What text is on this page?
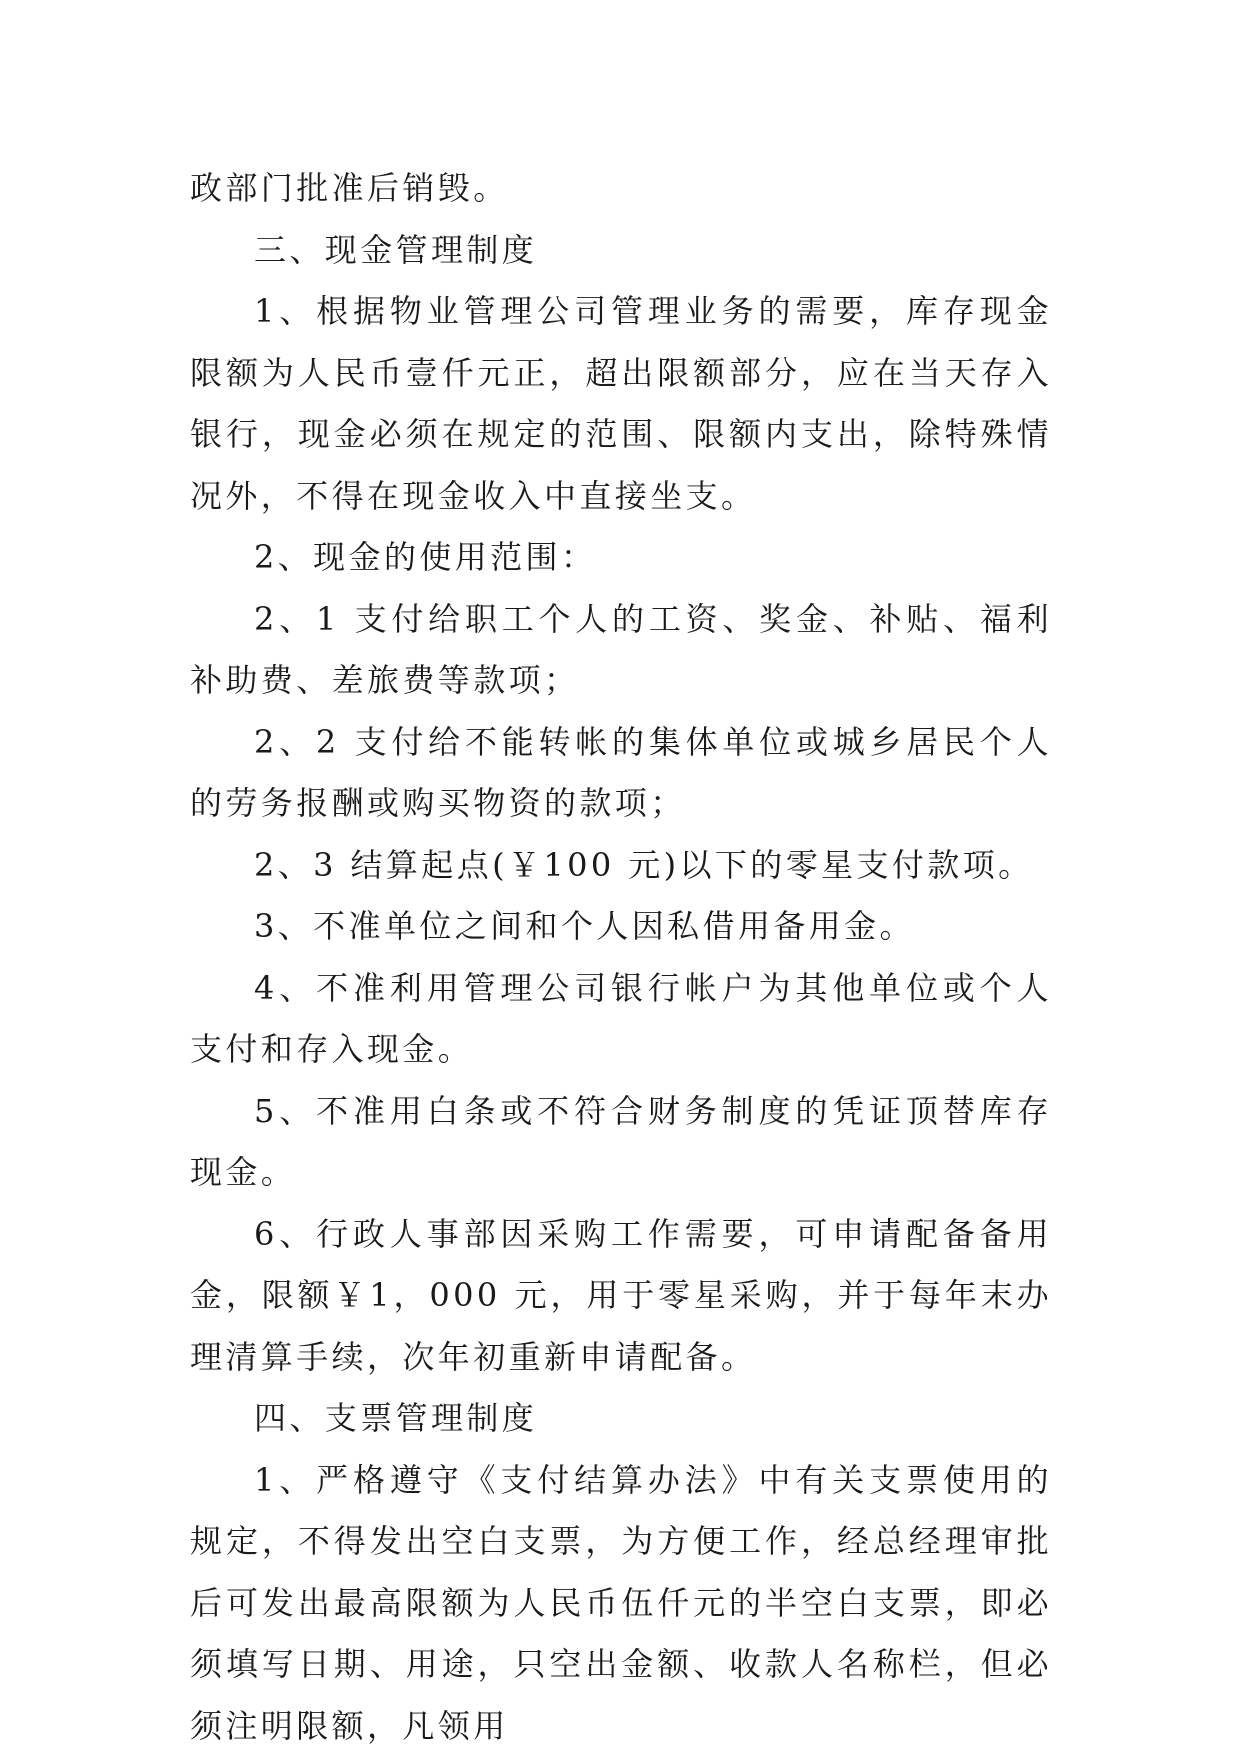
政部门批准后销毁。

三、现金管理制度

1、根据物业管理公司管理业务的需要，库存现金限额为人民币壹仟元正，超出限额部分，应在当天存入银行，现金必须在规定的范围、限额内支出，除特殊情况外，不得在现金收入中直接坐支。

2、现金的使用范围：

2、1 支付给职工个人的工资、奖金、补贴、福利补助费、差旅费等款项；

2、2 支付给不能转帐的集体单位或城乡居民个人的劳务报酬或购买物资的款项；

2、3 结算起点(￥100 元)以下的零星支付款项。

3、不准单位之间和个人因私借用备用金。

4、不准利用管理公司银行帐户为其他单位或个人支付和存入现金。

5、不准用白条或不符合财务制度的凭证顶替库存现金。

6、行政人事部因采购工作需要，可申请配备备用金，限额￥1，000 元，用于零星采购，并于每年末办理清算手续，次年初重新申请配备。

四、支票管理制度

1、严格遵守《支付结算办法》中有关支票使用的规定，不得发出空白支票，为方便工作，经总经理审批后可发出最高限额为人民币伍仟元的半空白支票，即必须填写日期、用途，只空出金额、收款人名称栏，但必须注明限额，凡领用
